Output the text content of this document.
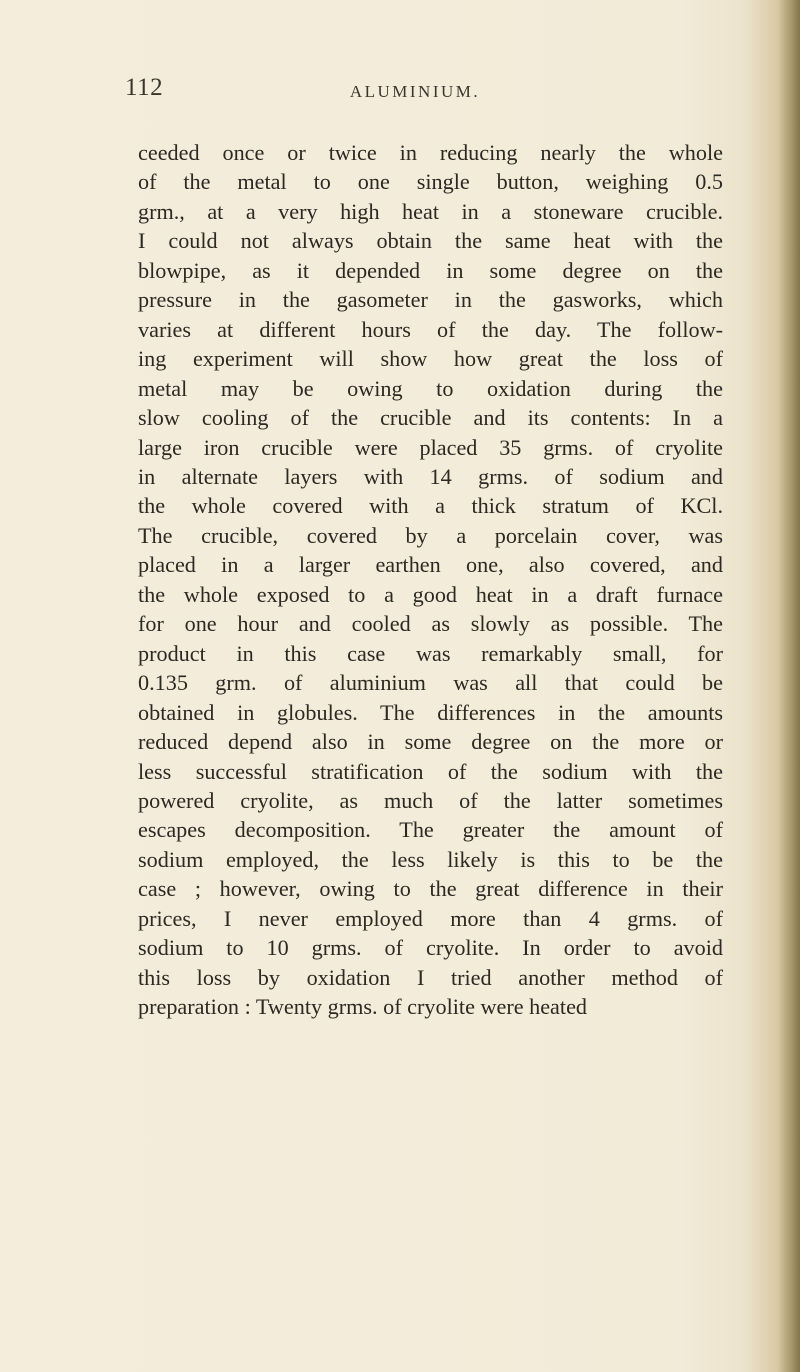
112	ALUMINIUM.
ceeded once or twice in reducing nearly the whole
of the metal to one single button, weighing 0.5
grm., at a very high heat in a stoneware crucible.
I could not always obtain the same heat with the
blowpipe, as it depended in some degree on the
pressure in the gasometer in the gasworks, which
varies at different hours of the day. The follow-
ing experiment will show how great the loss of
metal may be owing to oxidation during the
slow cooling of the crucible and its contents: In a
large iron crucible were placed 35 grms. of cryolite
in alternate layers with 14 grms. of sodium and
the whole covered with a thick stratum of KCl.
The crucible, covered by a porcelain cover, was
placed in a larger earthen one, also covered, and
the whole exposed to a good heat in a draft furnace
for one hour and cooled as slowly as possible. The
product in this case was remarkably small, for
0.135 grm. of aluminium was all that could be
obtained in globules. The differences in the amounts
reduced depend also in some degree on the more or
less successful stratification of the sodium with the
powered cryolite, as much of the latter sometimes
escapes decomposition. The greater the amount of
sodium employed, the less likely is this to be the
case ; however, owing to the great difference in their
prices, I never employed more than 4 grms. of
sodium to 10 grms. of cryolite. In order to avoid
this loss by oxidation I tried another method of
preparation : Twenty grms. of cryolite were heated
